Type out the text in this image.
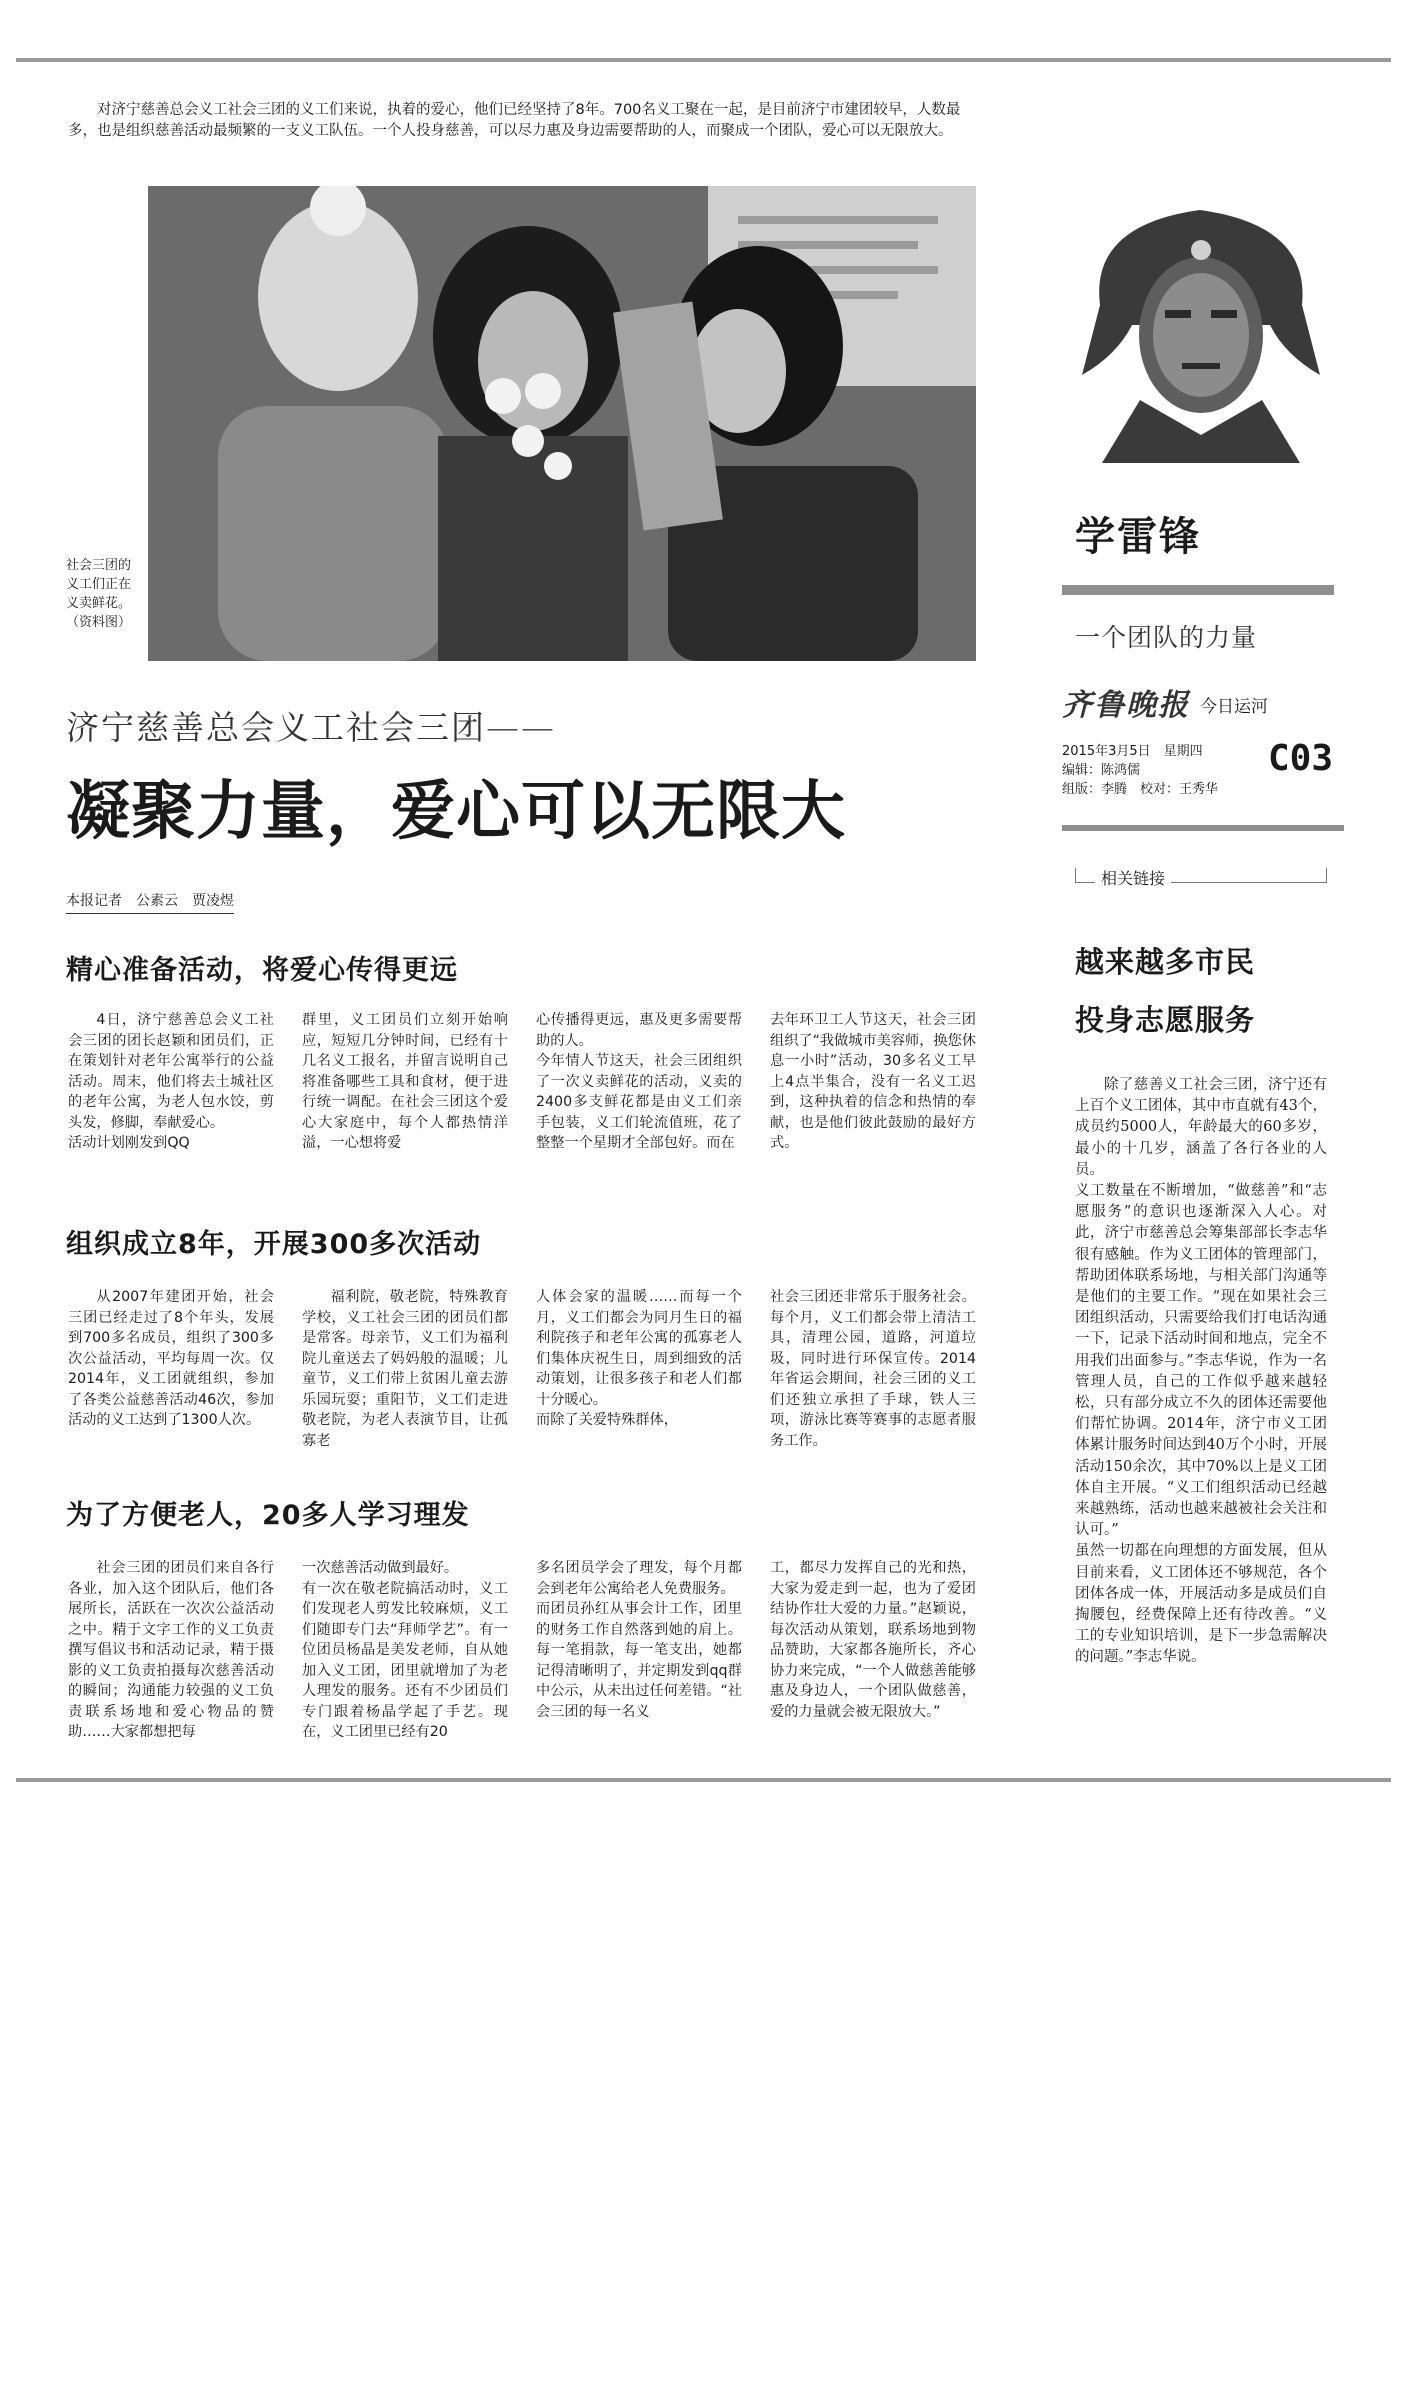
对济宁慈善总会义工社会三团的义工们来说，执着的爱心，他们已经坚持了8年。700名义工聚在一起，是目前济宁市建团较早，人数最多，也是组织慈善活动最频繁的一支义工队伍。一个人投身慈善，可以尽力惠及身边需要帮助的人，而聚成一个团队，爱心可以无限放大。
社会三团的义工们正在义卖鲜花。（资料图）
济宁慈善总会义工社会三团——
凝聚力量，爱心可以无限大
本报记者　公素云　贾凌煜
精心准备活动，将爱心传得更远

4日，济宁慈善总会义工社会三团的团长赵颖和团员们，正在策划针对老年公寓举行的公益活动。周末，他们将去土城社区的老年公寓，为老人包水饺，剪头发，修脚，奉献爱心。
活动计划刚发到QQ

群里，义工团员们立刻开始响应，短短几分钟时间，已经有十几名义工报名，并留言说明自己将准备哪些工具和食材，便于进行统一调配。在社会三团这个爱心大家庭中，每个人都热情洋溢，一心想将爱

心传播得更远，惠及更多需要帮助的人。
今年情人节这天，社会三团组织了一次义卖鲜花的活动，义卖的2400多支鲜花都是由义工们亲手包装，义工们轮流值班，花了整整一个星期才全部包好。而在

去年环卫工人节这天，社会三团组织了“我做城市美容师，换您休息一小时”活动，30多名义工早上4点半集合，没有一名义工迟到，这种执着的信念和热情的奉献，也是他们彼此鼓励的最好方式。

组织成立8年，开展300多次活动

从2007年建团开始，社会三团已经走过了8个年头，发展到700多名成员，组织了300多次公益活动，平均每周一次。仅2014年，义工团就组织，参加了各类公益慈善活动46次，参加活动的义工达到了1300人次。

福利院，敬老院，特殊教育学校，义工社会三团的团员们都是常客。母亲节，义工们为福利院儿童送去了妈妈般的温暖；儿童节，义工们带上贫困儿童去游乐园玩耍；重阳节，义工们走进敬老院，为老人表演节目，让孤寡老

人体会家的温暖……而每一个月，义工们都会为同月生日的福利院孩子和老年公寓的孤寡老人们集体庆祝生日，周到细致的活动策划，让很多孩子和老人们都十分暖心。
而除了关爱特殊群体，

社会三团还非常乐于服务社会。每个月，义工们都会带上清洁工具，清理公园，道路，河道垃圾，同时进行环保宣传。2014年省运会期间，社会三团的义工们还独立承担了手球，铁人三项，游泳比赛等赛事的志愿者服务工作。

为了方便老人，20多人学习理发

社会三团的团员们来自各行各业，加入这个团队后，他们各展所长，活跃在一次次公益活动之中。精于文字工作的义工负责撰写倡议书和活动记录，精于摄影的义工负责拍摄每次慈善活动的瞬间；沟通能力较强的义工负责联系场地和爱心物品的赞助……大家都想把每

一次慈善活动做到最好。
有一次在敬老院搞活动时，义工们发现老人剪发比较麻烦，义工们随即专门去“拜师学艺”。有一位团员杨晶是美发老师，自从她加入义工团，团里就增加了为老人理发的服务。还有不少团员们专门跟着杨晶学起了手艺。现在，义工团里已经有20

多名团员学会了理发，每个月都会到老年公寓给老人免费服务。
而团员孙红从事会计工作，团里的财务工作自然落到她的肩上。每一笔捐款，每一笔支出，她都记得清晰明了，并定期发到qq群中公示，从未出过任何差错。“社会三团的每一名义

工，都尽力发挥自己的光和热，大家为爱走到一起，也为了爱团结协作壮大爱的力量。”赵颖说，每次活动从策划，联系场地到物品赞助，大家都各施所长，齐心协力来完成，“一个人做慈善能够惠及身边人，一个团队做慈善，爱的力量就会被无限放大。”

学雷锋
一个团队的力量
齐鲁晚报 今日运河
2015年3月5日　星期四
编辑：陈鸿儒
组版：李腾　校对：王秀华
C03
相关链接
越来越多市民
投身志愿服务

除了慈善义工社会三团，济宁还有上百个义工团体，其中市直就有43个，成员约5000人，年龄最大的60多岁，最小的十几岁，涵盖了各行各业的人员。
义工数量在不断增加，“做慈善”和“志愿服务”的意识也逐渐深入人心。对此，济宁市慈善总会筹集部部长李志华很有感触。作为义工团体的管理部门，帮助团体联系场地，与相关部门沟通等是他们的主要工作。“现在如果社会三团组织活动，只需要给我们打电话沟通一下，记录下活动时间和地点，完全不用我们出面参与。”李志华说，作为一名管理人员，自己的工作似乎越来越轻松，只有部分成立不久的团体还需要他们帮忙协调。2014年，济宁市义工团体累计服务时间达到40万个小时，开展活动150余次，其中70%以上是义工团体自主开展。“义工们组织活动已经越来越熟练，活动也越来越被社会关注和认可。”
虽然一切都在向理想的方面发展，但从目前来看，义工团体还不够规范，各个团体各成一体，开展活动多是成员们自掏腰包，经费保障上还有待改善。“义工的专业知识培训，是下一步急需解决的问题。”李志华说。
